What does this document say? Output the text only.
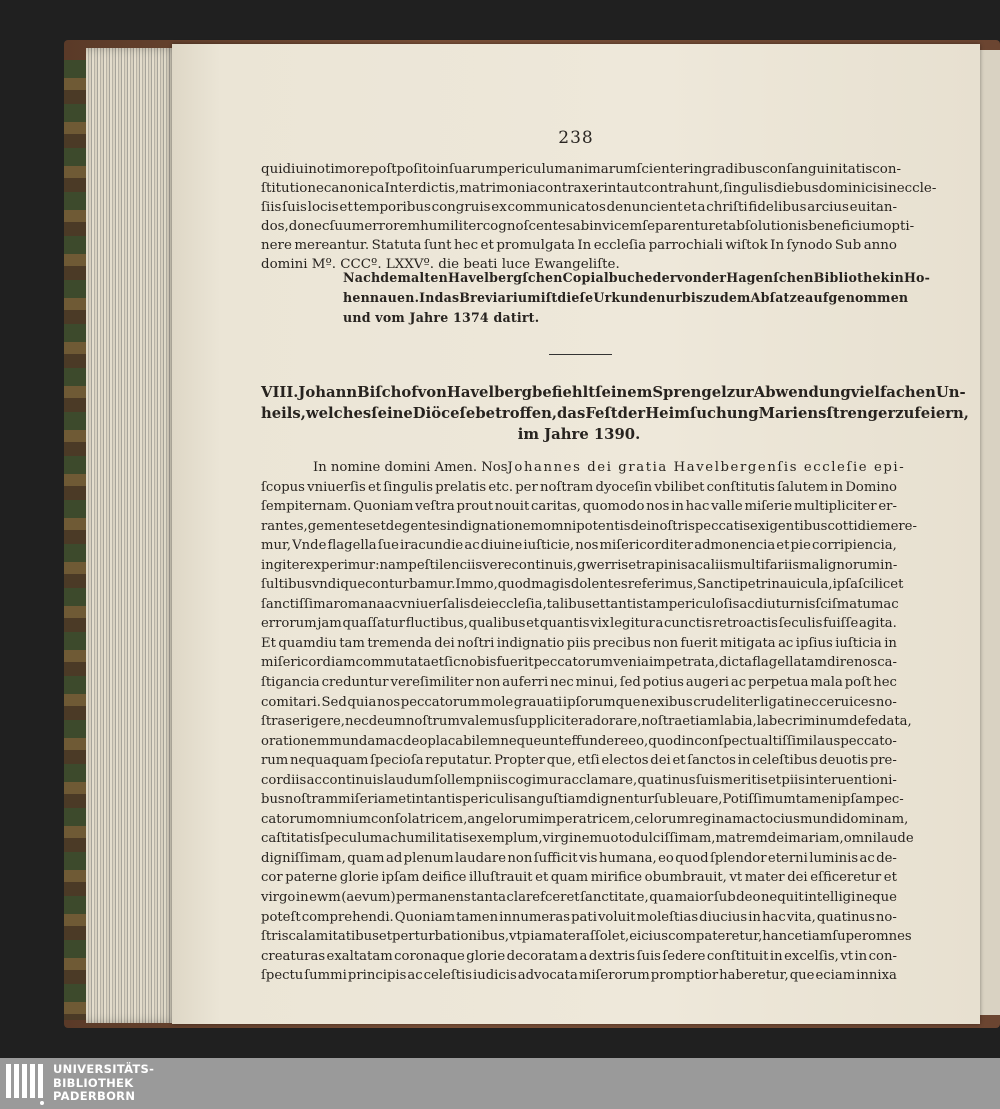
238
qui diuino timore poſtpoſito in ſuarum periculum animarum ſcienter in gradibus conſanguinitatis con-
ſtitutione canonica Interdictis, matrimonia contraxerint aut contrahunt, ſingulis diebus dominicis in eccle-
ſiis ſuis locis et temporibus congruis ex communicatos denuncient et a chriſti fidelibus arcius euitan-
dos, donec ſuum errorem humiliter cognoſcentes ab invicem ſeparentur et abſolutionis beneficium opti-
nere mereantur. Statuta ſunt hec et promulgata In eccleſia parrochiali wiſtok In ſynodo Sub anno
domini Mº. CCCº. LXXVº. die beati luce Ewangeliſte.
Nach dem alten Havelbergſchen Copialbuche der von der Hagenſchen Bibliothek in Ho-
hennauen. In das Breviarium iſt dieſe Urkunde nur bis zu dem Abſatze aufgenommen
und vom Jahre 1374 datirt.
VIII. Johann Biſchof von Havelberg befiehlt ſeinem Sprengel zur Abwendung vielfachen Un-
heils, welches ſeine Diöceſe betroffen, das Feſt der Heimſuchung Mariens ſtrenger zu feiern,
im Jahre 1390.
In nomine domini Amen. Nos Johannes dei gratia Havelbergenſis eccleſie epi-
ſcopus vniuerſis et ſingulis prelatis etc. per noſtram dyoceſin vbilibet conſtitutis ſalutem in Domino
ſempiternam. Quoniam veſtra prout nouit caritas, quomodo nos in hac valle miſerie multipliciter er-
rantes, gementes et degentes indignationem omnipotentis dei noſtris peccatis exigentibus cottidie mere-
mur, Vnde flagella ſue iracundie ac diuine iuſticie, nos miſericorditer admonencia et pie corripiencia,
ingiter experimur: nam peſtilenciis vere continuis, gwerris et rapinis ac aliis multifariis malignorum in-
ſultibus vndique conturbamur. Immo, quod magis dolentes referimus, Sancti petri nauicula, ipſa ſcilicet
ſanctiſſima romana ac vniuerſalis dei eccleſia, talibus et tantis tam periculoſis ac diuturnis ſciſmatum ac
errorum jam quaſſatur fluctibus, qualibus et quantis vix legitur a cunctis retroactis ſeculis fuiſſe agita.
Et quamdiu tam tremenda dei noſtri indignatio piis precibus non fuerit mitigata ac ipſius iuſticia in
miſericordiam commutata et ſic nobis fuerit peccatorum venia impetrata, dicta flagella tam dire nos ca-
ſtigancia creduntur vereſimiliter non auferri nec minui, ſed potius augeri ac perpetua mala poſt hec
comitari. Sed quia nos peccatorum mole grauati ipſorumque nexibus crudeliter ligati nec ceruices no-
ſtras erigere, nec deum noſtrum valemus ſuppliciter adorare, noſtra etiam labia, labe criminum defedata,
orationem mundam ac deo placabilem nequeunt effundere eo, quod in conſpectu altiſſimi laus peccato-
rum nequaquam ſpecioſa reputatur. Propter que, etſi electos dei et ſanctos in celeſtibus deuotis pre-
cordiis ac continuis laudum ſollempniis cogimur acclamare, quatinus ſuis meritis et piis interuentioni-
bus noſtram miſeriam et in tantis periculis anguſtiam dignentur ſubleuare, Potiſſimum tamen ipſam pec-
catorum omnium conſolatricem, angelorum imperatricem, celorum reginam ac tocius mundi dominam,
caſtitatis ſpeculum ac humilitatis exemplum, virginem uoto dulciſſimam, matrem dei mariam, omni laude
digniſſimam, quam ad plenum laudare non ſufficit vis humana, eo quod ſplendor eterni luminis ac de-
cor paterne glorie ipſam deifice illuſtrauit et quam mirifice obumbrauit, vt mater dei eſficeretur et
virgo in ewm (aevum) permanens tanta clarefceret ſanctitate, qua maior ſub deo nequit intelligi neque
poteſt comprehendi. Quoniam tamen innumeras pati voluit moleſtias diucius in hac vita, quatinus no-
ſtris calamitatibus et perturbationibus, vt pia mater aſſolet, eicius compateretur, hanc etiam ſuper omnes
creaturas exaltatam coronaque glorie decoratam a dextris ſuis ſedere conſtituit in excelſis, vt in con-
ſpectu ſummi principis ac celeſtis iudicis advocata miſerorum promptior haberetur, que eciam innixa
UNIVERSITÄTS-
BIBLIOTHEK
PADERBORN
